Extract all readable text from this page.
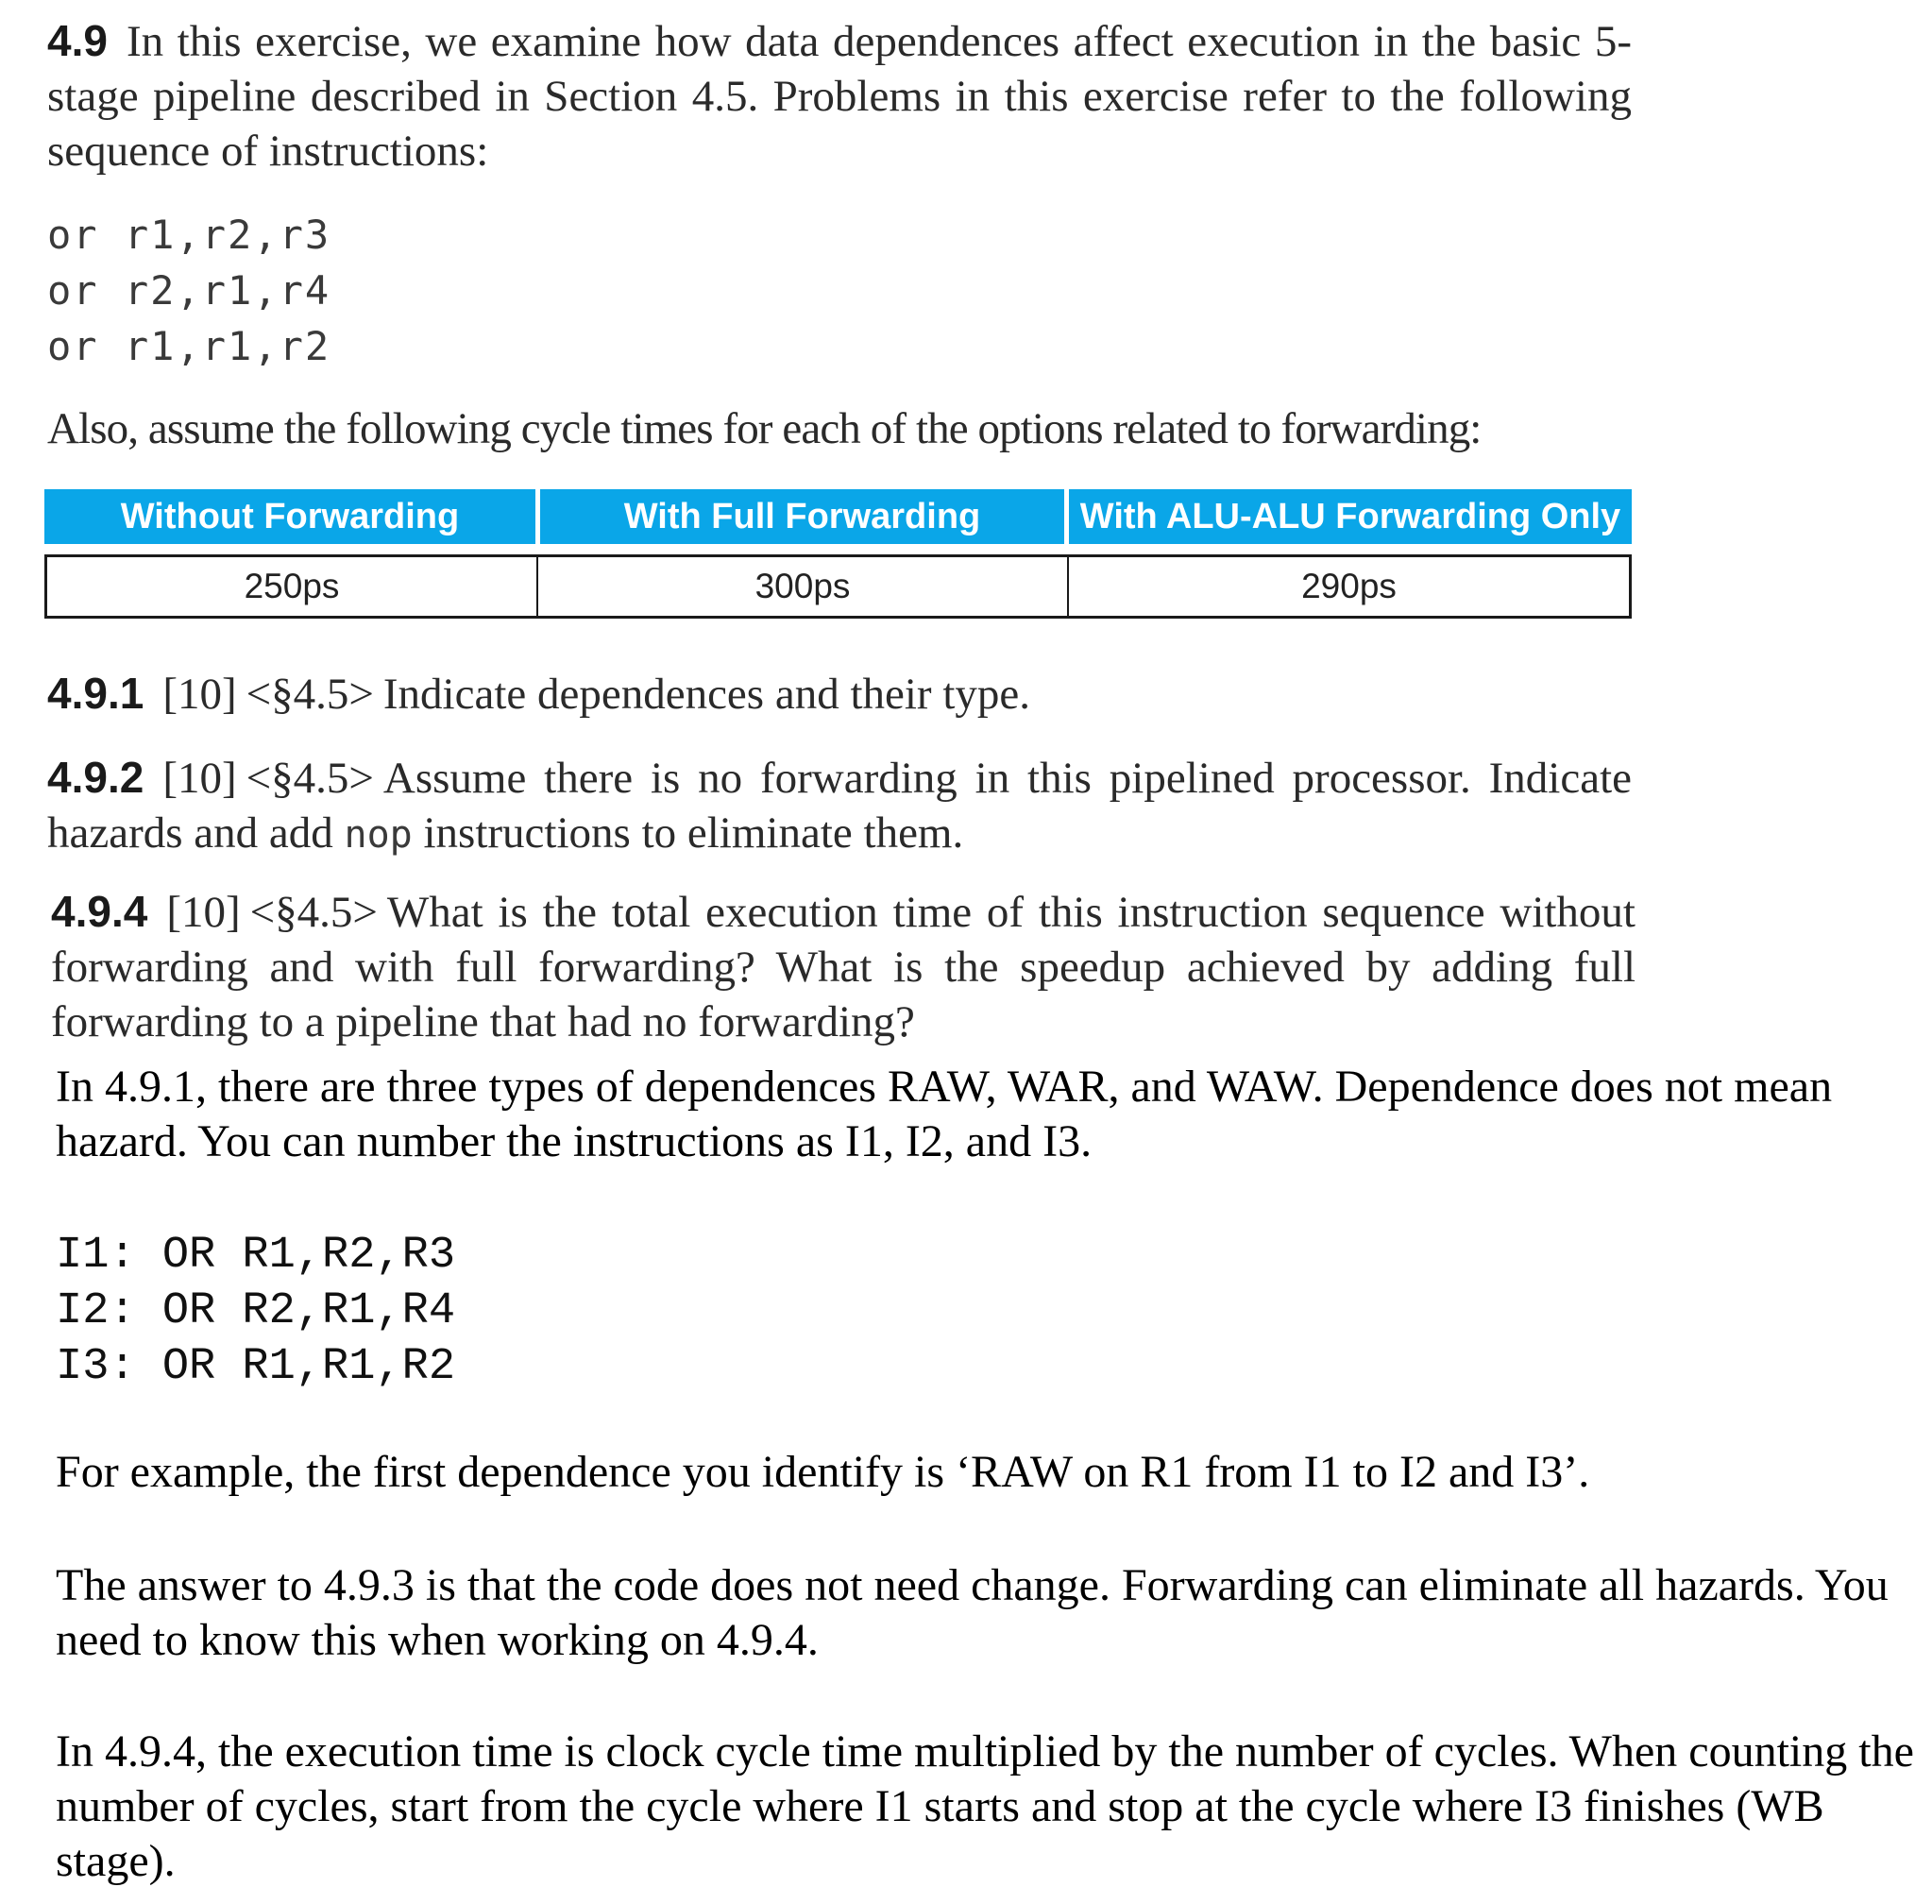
4.9 In this exercise, we examine how data dependences affect execution in the basic 5-stage pipeline described in Section 4.5. Problems in this exercise refer to the following sequence of instructions:
or r1,r2,r3
or r2,r1,r4
or r1,r1,r2
Also, assume the following cycle times for each of the options related to forwarding:
Without Forwarding	With Full Forwarding	With ALU-ALU Forwarding Only
250ps	300ps	290ps
4.9.1 [10] <§4.5> Indicate dependences and their type.
4.9.2 [10] <§4.5> Assume there is no forwarding in this pipelined processor. Indicate hazards and add nop instructions to eliminate them.
4.9.4 [10] <§4.5> What is the total execution time of this instruction sequence without forwarding and with full forwarding? What is the speedup achieved by adding full forwarding to a pipeline that had no forwarding?
In 4.9.1, there are three types of dependences RAW, WAR, and WAW. Dependence does not mean hazard. You can number the instructions as I1, I2, and I3.
I1: OR R1,R2,R3
I2: OR R2,R1,R4
I3: OR R1,R1,R2
For example, the first dependence you identify is ‘RAW on R1 from I1 to I2 and I3’.
The answer to 4.9.3 is that the code does not need change. Forwarding can eliminate all hazards. You need to know this when working on 4.9.4.
In 4.9.4, the execution time is clock cycle time multiplied by the number of cycles. When counting the number of cycles, start from the cycle where I1 starts and stop at the cycle where I3 finishes (WB stage).
